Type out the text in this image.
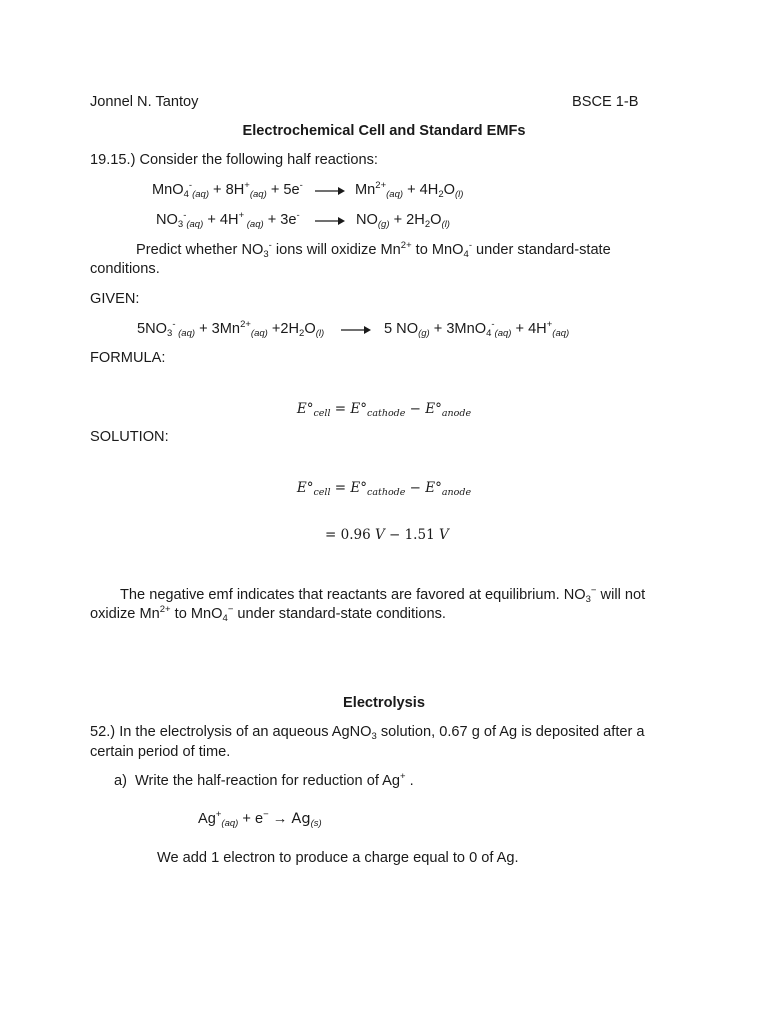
Jonnel N. Tantoy	BSCE 1-B
Electrochemical Cell and Standard EMFs
19.15.) Consider the following half reactions:
$MnO_4^-_{(aq)} + 8H^+_{(aq)} + 5e^- \to Mn^{2+}_{(aq)} + 4H_2O_{(l)}$
$NO_3^-_{(aq)} + 4H^+$ $_{(aq)} + 3e^- \to NO_{(g)} + 2H_2O_{(l)}$
Predict whether $NO_3^-$ ions will oxidize $Mn^{2+}$ to MnO$_4$- under standard-state
conditions.
GIVEN:
$5NO_3^-$ $_{(aq)} + 3Mn^{2+}_{(aq)} +2H_2O_{(l)} \to 5$ $NO_{(g)} + 3MnO_4^-_{(aq)} + 4H^+_{(aq)}$
FORMULA:
$E^\circ_{cell} = E^\circ_{cathode} - E^\circ_{anode}$
SOLUTION:
$E^\circ_{cell} = E^\circ_{cathode} - E^\circ_{anode}$
= 0.96 V − 1.51 V
The negative emf indicates that reactants are favored at equilibrium. $NO_3^-$ will not
oxidize $Mn^{2+}$ to MnO$_4$− under standard-state conditions.
Electrolysis
52.) In the electrolysis of an aqueous AgNO$_3$ solution, 0.67 g of Ag is deposited after a
certain period of time.
a) Write the half-reaction for reduction of Ag+ .
$Ag^+_{(aq)} + e^- \to Ag_{(s)}$
We add 1 electron to produce a charge equal to 0 of Ag.
